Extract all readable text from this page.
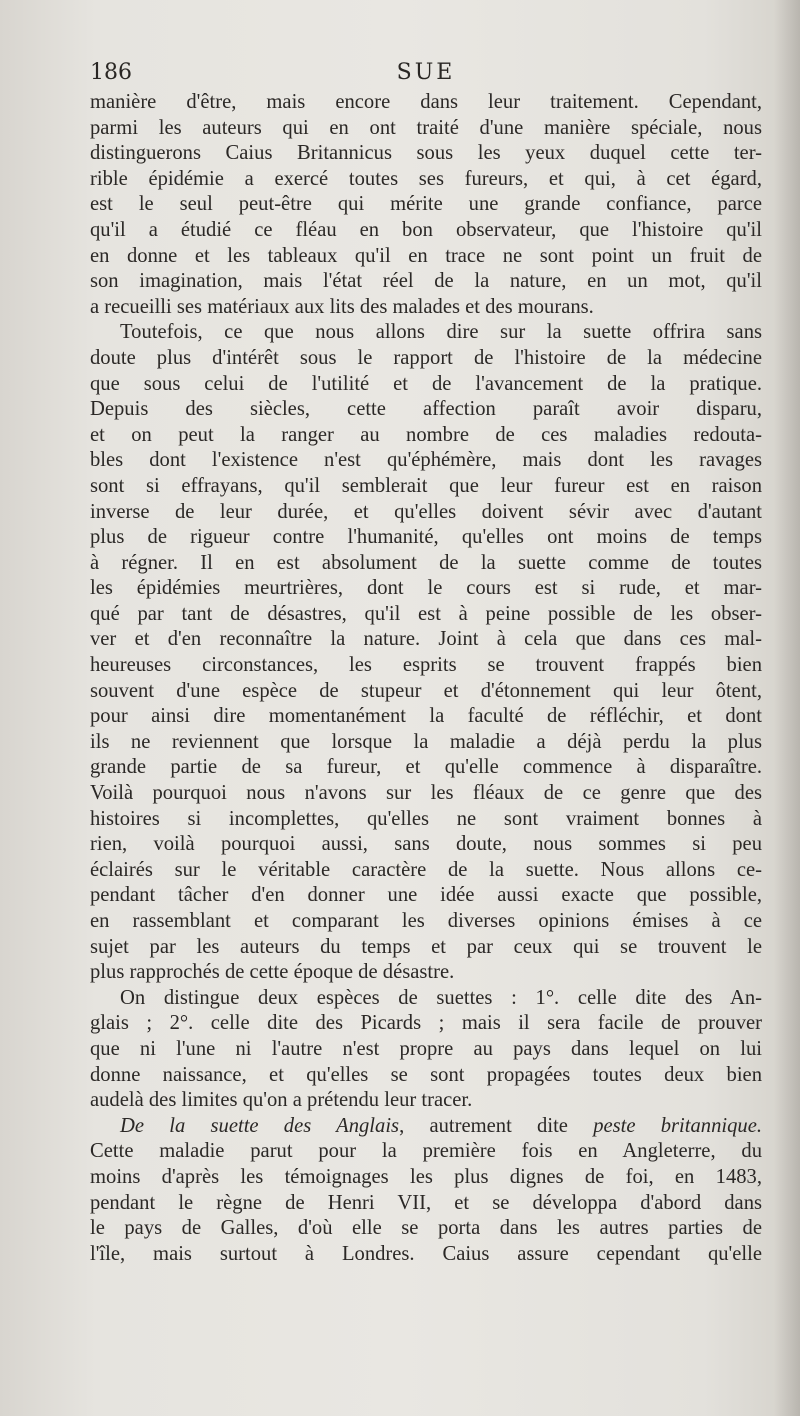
186	SUE
manière d'être, mais encore dans leur traitement. Cependant,
parmi les auteurs qui en ont traité d'une manière spéciale, nous
distinguerons Caius Britannicus sous les yeux duquel cette ter-
rible épidémie a exercé toutes ses fureurs, et qui, à cet égard,
est le seul peut-être qui mérite une grande confiance, parce
qu'il a étudié ce fléau en bon observateur, que l'histoire qu'il
en donne et les tableaux qu'il en trace ne sont point un fruit de
son imagination, mais l'état réel de la nature, en un mot, qu'il
a recueilli ses matériaux aux lits des malades et des mourans.
Toutefois, ce que nous allons dire sur la suette offrira sans
doute plus d'intérêt sous le rapport de l'histoire de la médecine
que sous celui de l'utilité et de l'avancement de la pratique.
Depuis des siècles, cette affection paraît avoir disparu,
et on peut la ranger au nombre de ces maladies redouta-
bles dont l'existence n'est qu'éphémère, mais dont les ravages
sont si effrayans, qu'il semblerait que leur fureur est en raison
inverse de leur durée, et qu'elles doivent sévir avec d'autant
plus de rigueur contre l'humanité, qu'elles ont moins de temps
à régner. Il en est absolument de la suette comme de toutes
les épidémies meurtrières, dont le cours est si rude, et mar-
qué par tant de désastres, qu'il est à peine possible de les obser-
ver et d'en reconnaître la nature. Joint à cela que dans ces mal-
heureuses circonstances, les esprits se trouvent frappés bien
souvent d'une espèce de stupeur et d'étonnement qui leur ôtent,
pour ainsi dire momentanément la faculté de réfléchir, et dont
ils ne reviennent que lorsque la maladie a déjà perdu la plus
grande partie de sa fureur, et qu'elle commence à disparaître.
Voilà pourquoi nous n'avons sur les fléaux de ce genre que des
histoires si incomplettes, qu'elles ne sont vraiment bonnes à
rien, voilà pourquoi aussi, sans doute, nous sommes si peu
éclairés sur le véritable caractère de la suette. Nous allons ce-
pendant tâcher d'en donner une idée aussi exacte que possible,
en rassemblant et comparant les diverses opinions émises à ce
sujet par les auteurs du temps et par ceux qui se trouvent le
plus rapprochés de cette époque de désastre.
On distingue deux espèces de suettes : 1°. celle dite des An-
glais ; 2°. celle dite des Picards ; mais il sera facile de prouver
que ni l'une ni l'autre n'est propre au pays dans lequel on lui
donne naissance, et qu'elles se sont propagées toutes deux bien
audelà des limites qu'on a prétendu leur tracer.
De la suette des Anglais, autrement dite peste britannique.
Cette maladie parut pour la première fois en Angleterre, du
moins d'après les témoignages les plus dignes de foi, en 1483,
pendant le règne de Henri VII, et se développa d'abord dans
le pays de Galles, d'où elle se porta dans les autres parties de
l'île, mais surtout à Londres. Caius assure cependant qu'elle
